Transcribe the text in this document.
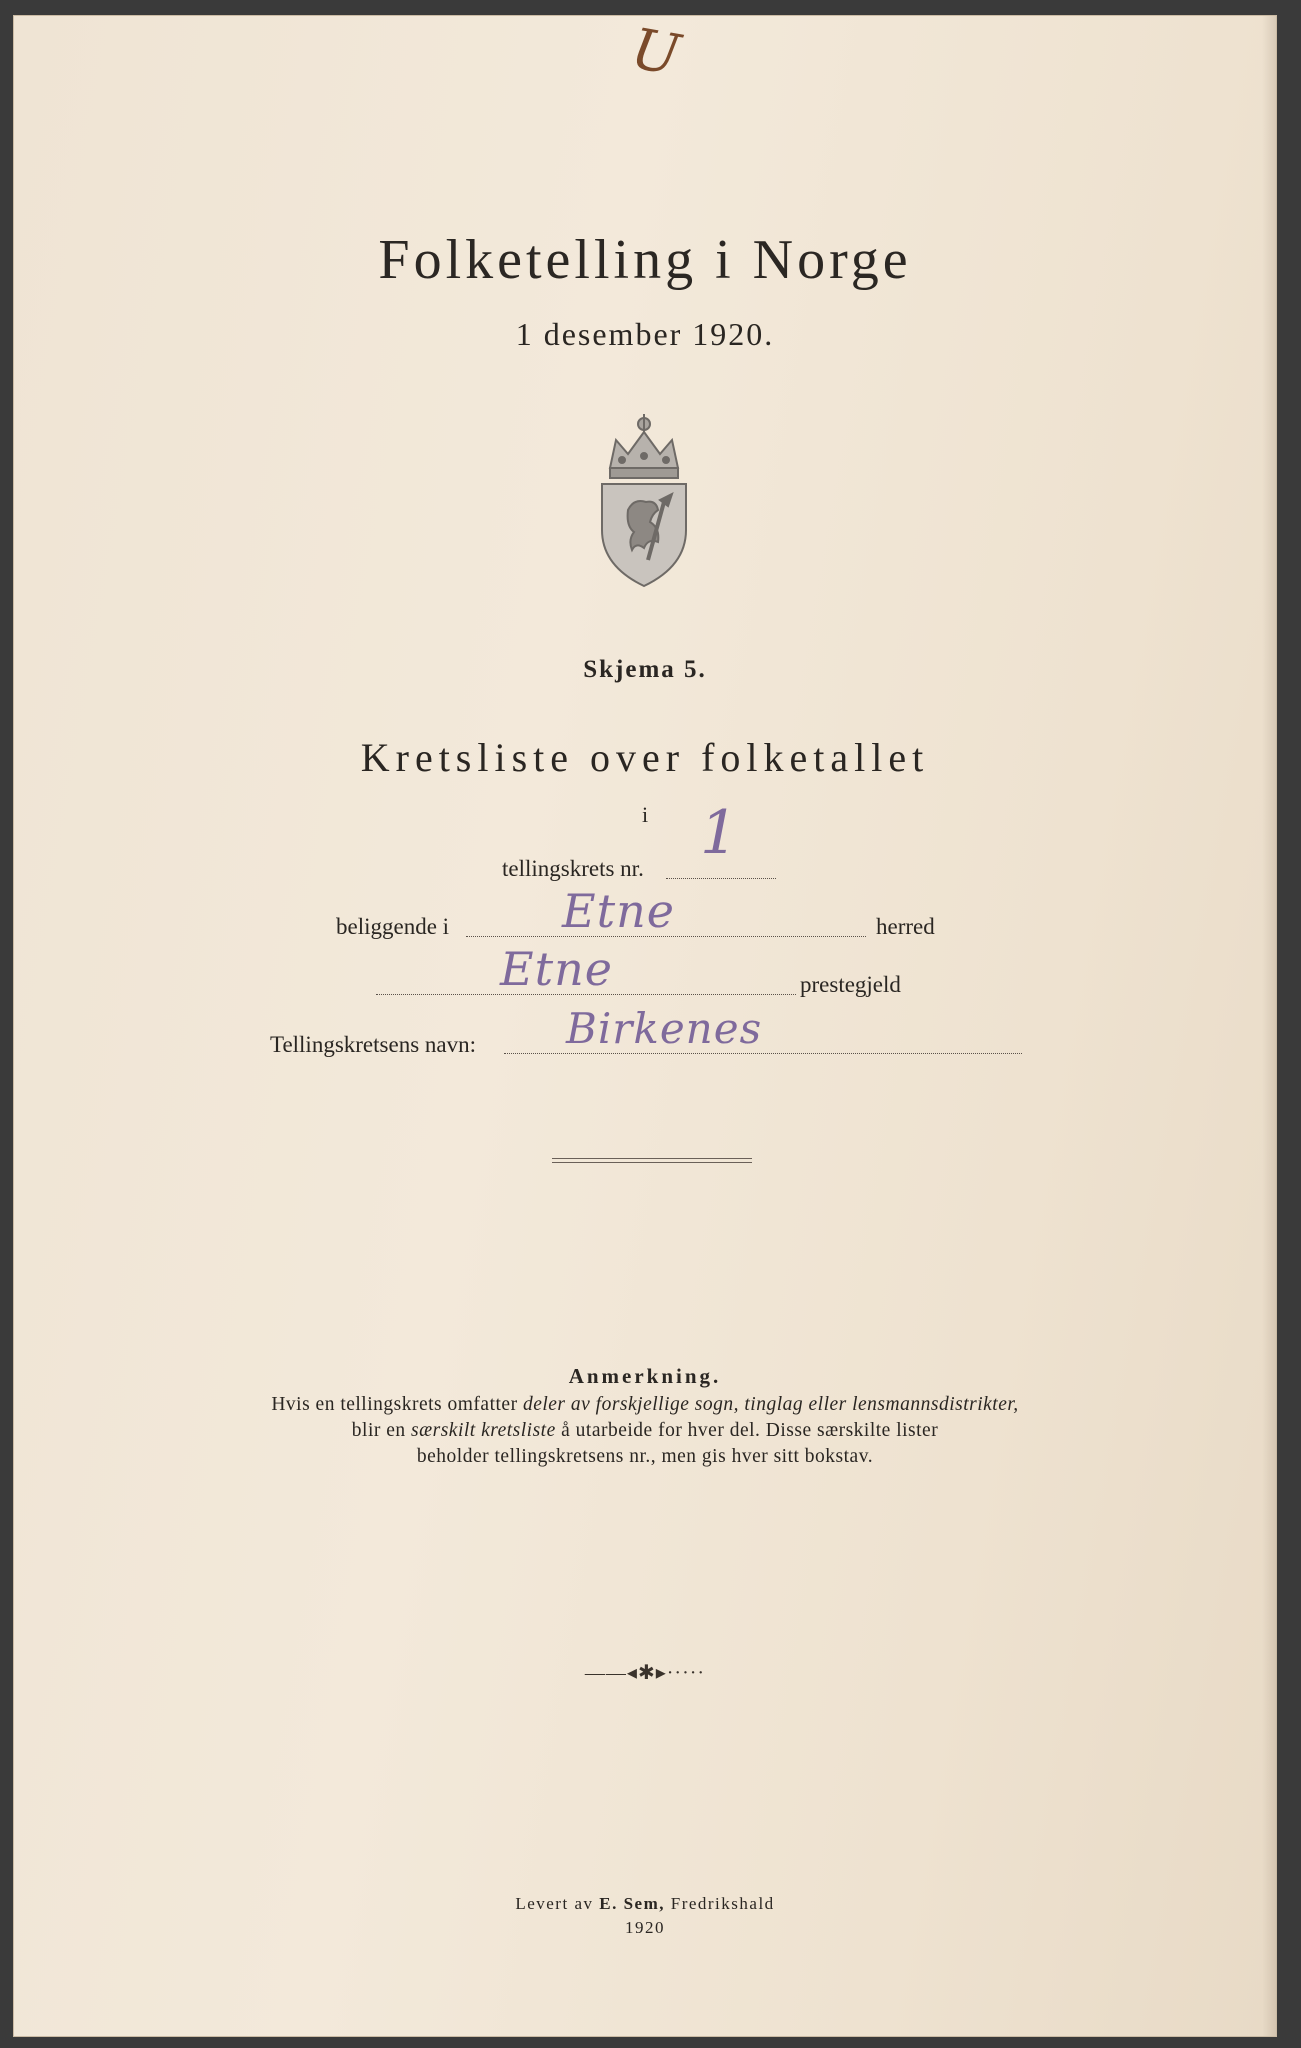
U
Folketelling i Norge
1 desember 1920.
Skjema 5.
Kretsliste over folketallet
i
tellingskrets nr.
1
beliggende i Etne	herred
Etne	prestegjeld
Tellingskretsens navn: Birkenes
Anmerkning.
Hvis en tellingskrets omfatter deler av forskjellige sogn, tinglag eller lensmannsdistrikter,
blir en særskilt kretsliste å utarbeide for hver del. Disse særskilte lister
beholder tellingskretsens nr., men gis hver sitt bokstav.
——◂✱▸·····
Levert av E. Sem, Fredrikshald
1920
